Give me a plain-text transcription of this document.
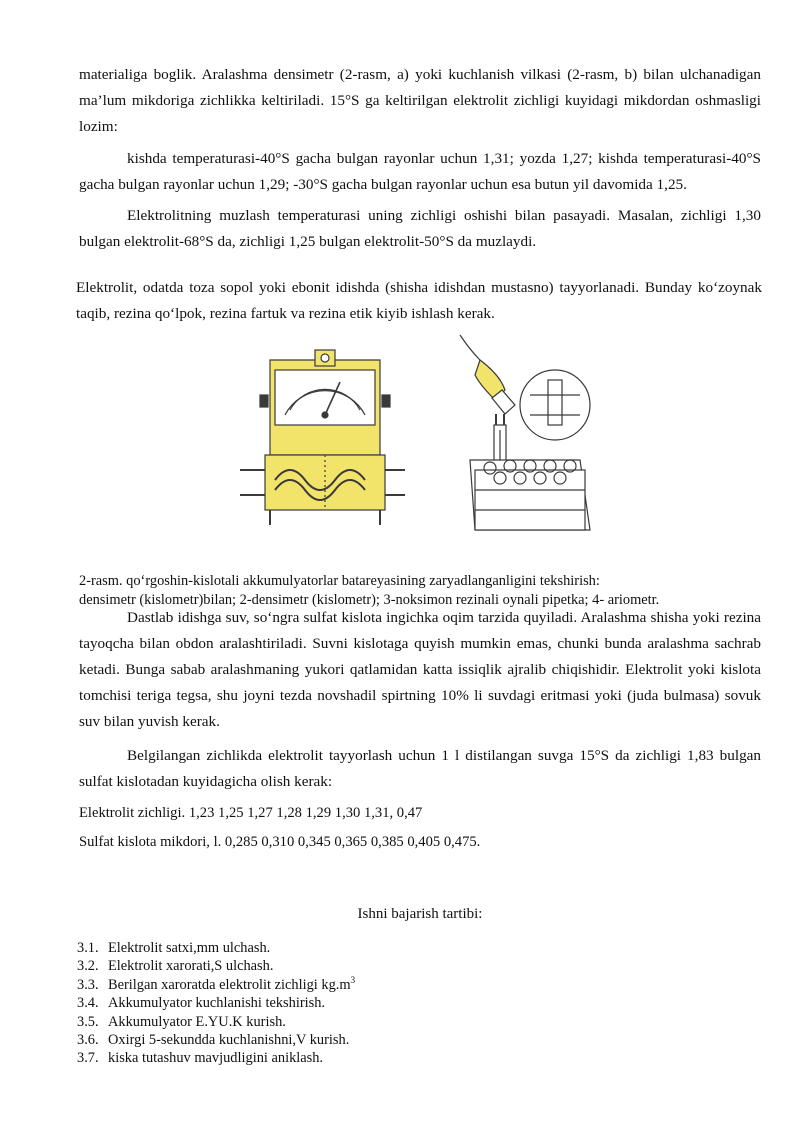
materialiga boglik. Aralashma densimetr (2-rasm, a) yoki kuchlanish vilkasi (2-rasm, b) bilan ulchanadigan ma’lum mikdoriga zichlikka keltiriladi. 15°S ga keltirilgan elektrolit zichligi kuyidagi mikdordan oshmasligi lozim:

kishda temperaturasi-40°S gacha bulgan rayonlar uchun 1,31; yozda 1,27; kishda temperaturasi-40°S gacha bulgan rayonlar uchun 1,29; -30°S gacha bulgan rayonlar uchun esa butun yil davomida 1,25.

Elektrolitning muzlash temperaturasi uning zichligi oshishi bilan pasayadi. Masalan, zichligi 1,30 bulgan elektrolit-68°S da, zichligi 1,25 bulgan elektrolit-50°S da muzlaydi.

Elektrolit, odatda toza sopol yoki ebonit idishda (shisha idishdan mustasno) tayyorlanadi. Bunday ko‘zoynak taqib, rezina qo‘lpok, rezina fartuk va rezina etik kiyib ishlash kerak.

2-rasm. qo‘rgoshin-kislotali akkumulyatorlar batareyasining zaryadlanganligini tekshirish:

densimetr (kislometr)bilan; 2-densimetr (kislometr); 3-noksimon rezinali oynali pipetka; 4- ariometr.

Dastlab idishga suv, so‘ngra sulfat kislota ingichka oqim tarzida quyiladi. Aralashma shisha yoki rezina tayoqcha bilan obdon aralashtiriladi. Suvni kislotaga quyish mumkin emas, chunki bunda aralashma sachrab ketadi. Bunga sabab aralashmaning yukori qatlamidan katta issiqlik ajralib chiqishidir. Elektrolit yoki kislota tomchisi teriga tegsa, shu joyni tezda novshadil spirtning 10% li suvdagi eritmasi yoki (juda bulmasa) sovuk suv bilan yuvish kerak.

Belgilangan zichlikda elektrolit tayyorlash uchun 1 l distilangan suvga 15°S da zichligi 1,83 bulgan sulfat kislotadan kuyidagicha olish kerak:

Elektrolit zichligi. 1,23 1,25 1,27 1,28 1,29 1,30 1,31, 0,47

Sulfat kislota mikdori, l. 0,285 0,310 0,345 0,365 0,385 0,405 0,475.

Ishni bajarish tartibi:

3.1. Elektrolit satxi,mm ulchash.
3.2. Elektrolit xarorati,S ulchash.
3.3. Berilgan xaroratda elektrolit zichligi $kg.m^3$
3.4. Akkumulyator kuchlanishi tekshirish.
3.5. Akkumulyator E.YU.K kurish.
3.6. Oxirgi 5-sekundda kuchlanishni,V kurish.
3.7. kiska tutashuv mavjudligini aniklash.
